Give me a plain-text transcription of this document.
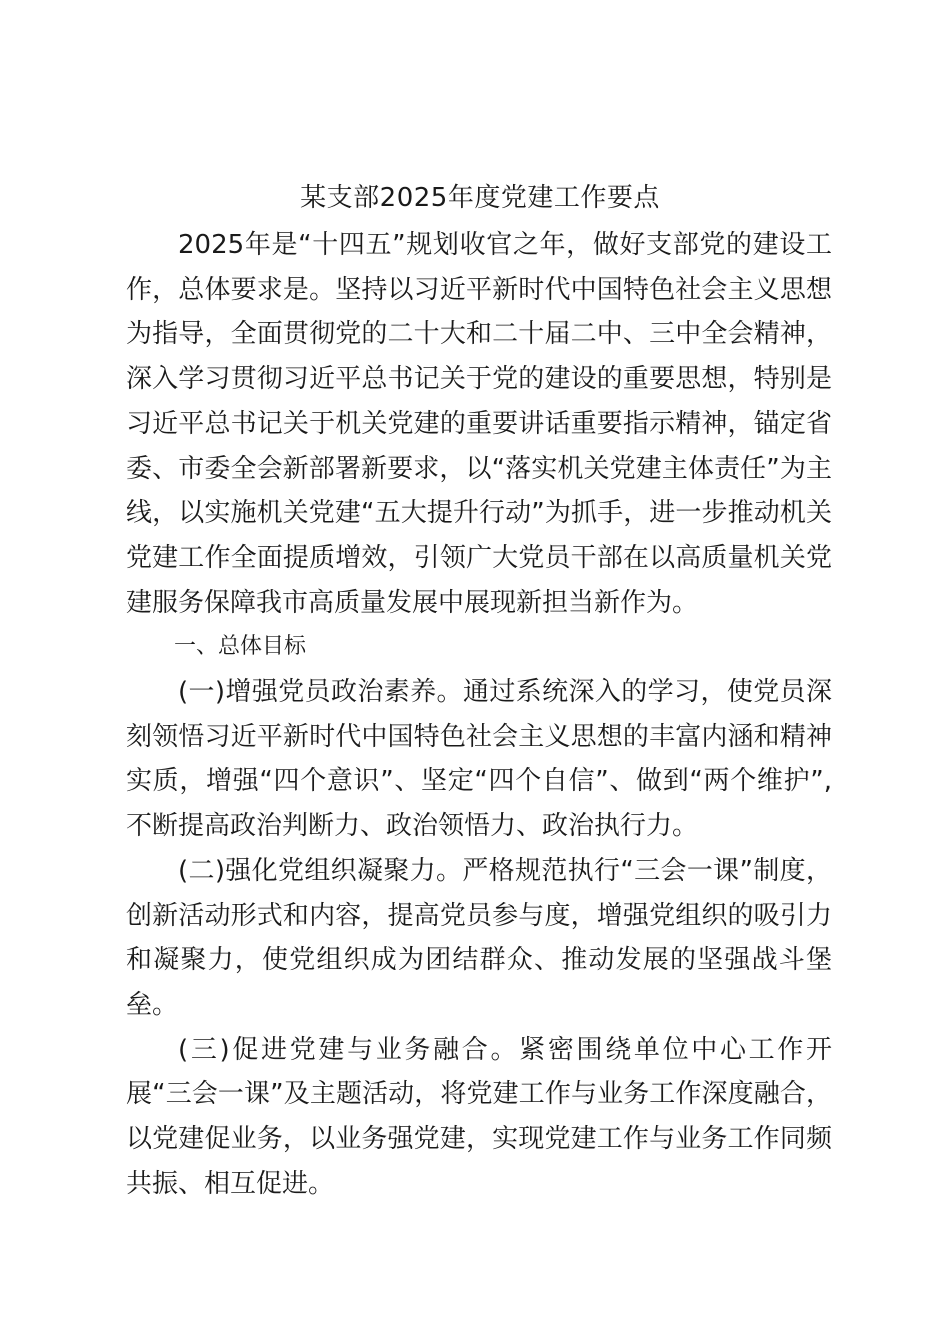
某支部2025年度党建工作要点

2025年是“十四五”规划收官之年，做好支部党的建设工作，总体要求是。坚持以习近平新时代中国特色社会主义思想为指导，全面贯彻党的二十大和二十届二中、三中全会精神，深入学习贯彻习近平总书记关于党的建设的重要思想，特别是习近平总书记关于机关党建的重要讲话重要指示精神，锚定省委、市委全会新部署新要求，以“落实机关党建主体责任”为主线，以实施机关党建“五大提升行动”为抓手，进一步推动机关党建工作全面提质增效，引领广大党员干部在以高质量机关党建服务保障我市高质量发展中展现新担当新作为。

一、总体目标

(一)增强党员政治素养。通过系统深入的学习，使党员深刻领悟习近平新时代中国特色社会主义思想的丰富内涵和精神实质，增强“四个意识”、坚定“四个自信”、做到“两个维护”,不断提高政治判断力、政治领悟力、政治执行力。

(二)强化党组织凝聚力。严格规范执行“三会一课”制度，创新活动形式和内容，提高党员参与度，增强党组织的吸引力和凝聚力，使党组织成为团结群众、推动发展的坚强战斗堡垒。

(三)促进党建与业务融合。紧密围绕单位中心工作开展“三会一课”及主题活动，将党建工作与业务工作深度融合，以党建促业务，以业务强党建，实现党建工作与业务工作同频共振、相互促进。
